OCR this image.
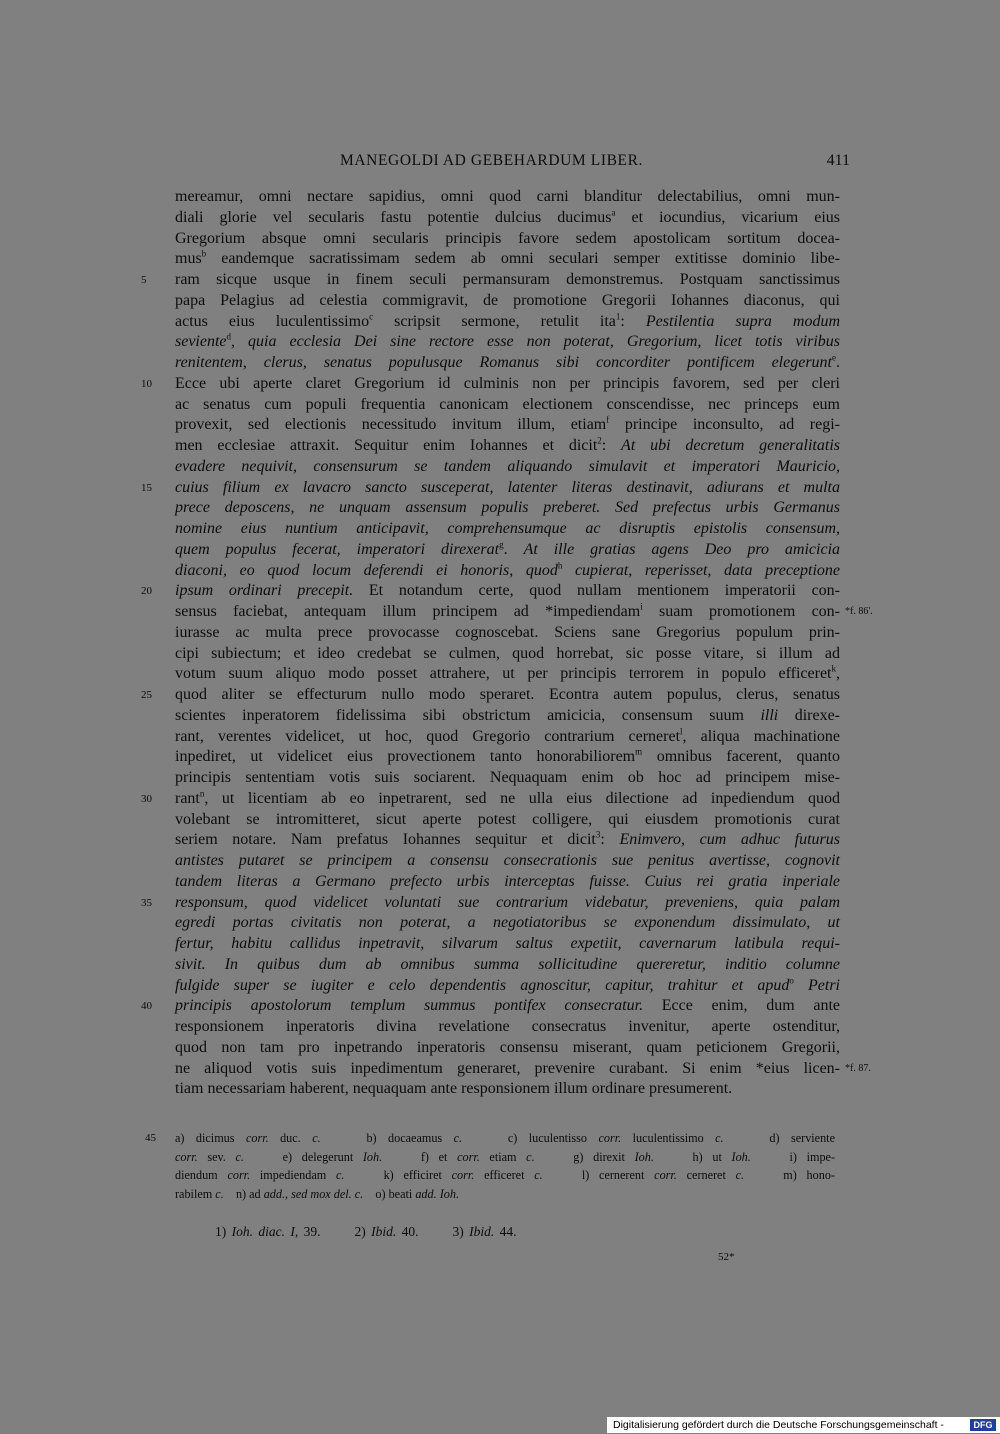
MANEGOLDI AD GEBEHARDUM LIBER.	411
mereamur, omni nectare sapidius, omni quod carni blanditur delectabilius, omni mun-
diali glorie vel secularis fastu potentie dulcius ducimus$^a$ et iocundius, vicarium eius
Gregorium absque omni secularis principis favore sedem apostolicam sortitum docea-
mus$^b$ eandemque sacratissimam sedem ab omni seculari semper extitisse dominio libe-
5	ram sicque usque in finem seculi permansuram demonstremus. Postquam sanctissimus
papa Pelagius ad celestia commigravit, de promotione Gregorii Iohannes diaconus, qui
actus eius luculentissimo$^c$ scripsit sermone, retulit ita$^1$: Pestilentia supra modum
seviente$^d$, quia ecclesia Dei sine rectore esse non poterat, Gregorium, licet totis viribus
renitentem, clerus, senatus populusque Romanus sibi concorditer pontificem elegerunt$^e$.
10	Ecce ubi aperte claret Gregorium id culminis non per principis favorem, sed per cleri
ac senatus cum populi frequentia canonicam electionem conscendisse, nec princeps eum
provexit, sed electionis necessitudo invitum illum, etiam$^f$ principe inconsulto, ad regi-
men ecclesiae attraxit. Sequitur enim Iohannes et dicit$^2$: At ubi decretum generalitatis
evadere nequivit, consensurum se tandem aliquando simulavit et imperatori Mauricio,
15	cuius filium ex lavacro sancto susceperat, latenter literas destinavit, adiurans et multa
prece deposcens, ne unquam assensum populis preberet. Sed prefectus urbis Germanus
nomine eius nuntium anticipavit, comprehensumque ac disruptis epistolis consensum,
quem populus fecerat, imperatori direxerat$^g$. At ille gratias agens Deo pro amicicia
diaconi, eo quod locum deferendi ei honoris, quod$^h$ cupierat, reperisset, data preceptione
20	ipsum ordinari precepit. Et notandum certe, quod nullam mentionem imperatorii con-
sensus faciebat, antequam illum principem ad *impediendam$^i$ suam promotionem con- *f. 86'.
iurasse ac multa prece provocasse cognoscebat. Sciens sane Gregorius populum prin-
cipi subiectum; et ideo credebat se culmen, quod horrebat, sic posse vitare, si illum ad
votum suum aliquo modo posset attrahere, ut per principis terrorem in populo efficeret$^k$,
25	quod aliter se effecturum nullo modo speraret. Econtra autem populus, clerus, senatus
scientes inperatorem fidelissima sibi obstrictum amicicia, consensum suum illi direxe-
rant, verentes videlicet, ut hoc, quod Gregorio contrarium cerneret$^l$, aliqua machinatione
inpediret, ut videlicet eius provectionem tanto honorabiliorem$^m$ omnibus facerent, quanto
principis sententiam votis suis sociarent. Nequaquam enim ob hoc ad principem mise-
30	rant$^n$, ut licentiam ab eo inpetrarent, sed ne ulla eius dilectione ad inpediendum quod
volebant se intromitteret, sicut aperte potest colligere, qui eiusdem promotionis curat
seriem notare. Nam prefatus Iohannes sequitur et dicit$^3$: Enimvero, cum adhuc futurus
antistes putaret se principem a consensu consecrationis sue penitus avertisse, cognovit
tandem literas a Germano prefecto urbis interceptas fuisse. Cuius rei gratia inperiale
35	responsum, quod videlicet voluntati sue contrarium videbatur, preveniens, quia palam
egredi portas civitatis non poterat, a negotiatoribus se exponendum dissimulato, ut
fertur, habitu callidus inpetravit, silvarum saltus expetiit, cavernarum latibula requi-
sivit. In quibus dum ab omnibus summa sollicitudine quereretur, inditio columne
fulgide super se iugiter e celo dependentis agnoscitur, capitur, trahitur et apud$^o$ Petri
40	principis apostolorum templum summus pontifex consecratur. Ecce enim, dum ante
responsionem inperatoris divina revelatione consecratus invenitur, aperte ostenditur,
quod non tam pro inpetrando inperatoris consensu miserant, quam peticionem Gregorii,
ne aliquod votis suis inpedimentum generaret, prevenire curabant. Si enim *eius licen- *f. 87.
tiam necessariam haberent, nequaquam ante responsionem illum ordinare presumerent.
45 a) dicimus corr. duc. c.    b) docaeamus c.    c) luculentisso corr. luculentissimo c.    d) serviente
corr. sev. c.    e) delegerunt Ioh.    f) et corr. etiam c.    g) direxit Ioh.    h) ut Ioh.    i) impe-
diendum corr. impediendam c.    k) efficiret corr. efficeret c.    l) cernerent corr. cerneret c.    m) hono-
rabilem c.    n) ad add., sed mox del. c.    o) beati add. Ioh.
1) Ioh. diac. I, 39.	2) Ibid. 40.	3) Ibid. 44.
52*
Digitalisierung gefördert durch die Deutsche Forschungsgemeinschaft -	DFG
